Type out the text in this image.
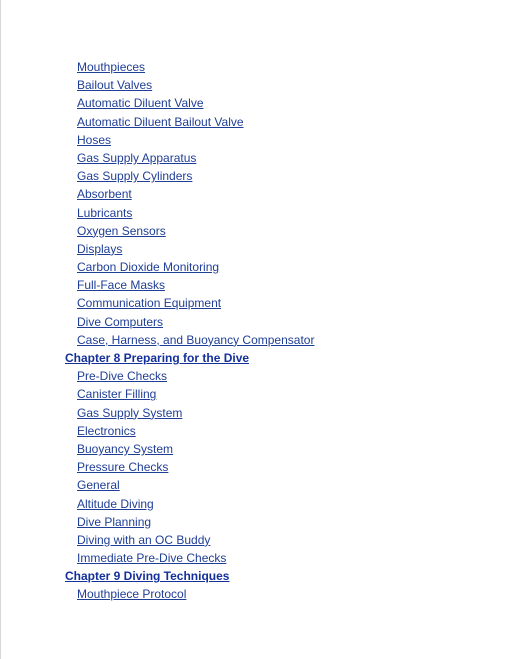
Mouthpieces
Bailout Valves
Automatic Diluent Valve
Automatic Diluent Bailout Valve
Hoses
Gas Supply Apparatus
Gas Supply Cylinders
Absorbent
Lubricants
Oxygen Sensors
Displays
Carbon Dioxide Monitoring
Full-Face Masks
Communication Equipment
Dive Computers
Case, Harness, and Buoyancy Compensator
Chapter 8 Preparing for the Dive
Pre-Dive Checks
Canister Filling
Gas Supply System
Electronics
Buoyancy System
Pressure Checks
General
Altitude Diving
Dive Planning
Diving with an OC Buddy
Immediate Pre-Dive Checks
Chapter 9 Diving Techniques
Mouthpiece Protocol
